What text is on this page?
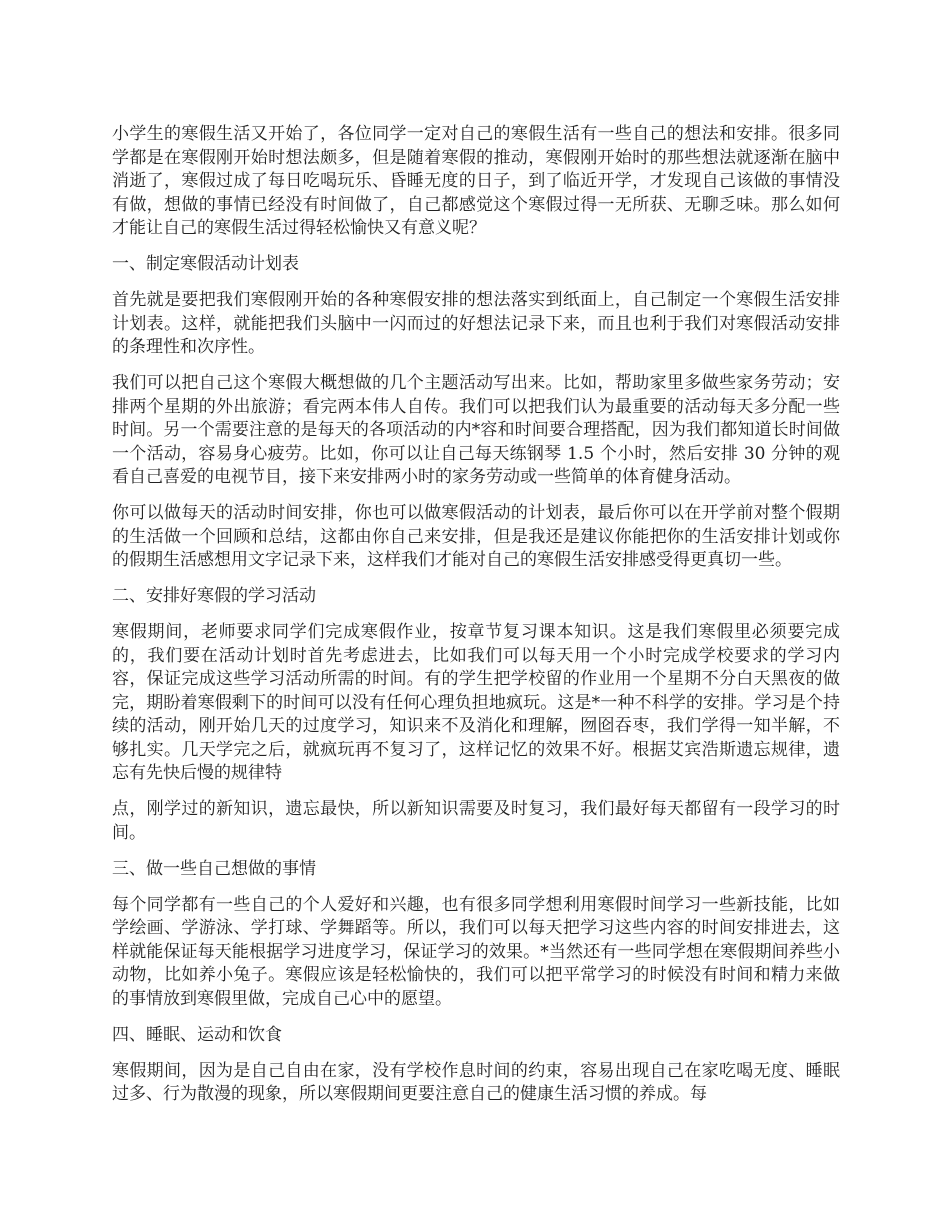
小学生的寒假生活又开始了，各位同学一定对自己的寒假生活有一些自己的想法和安排。很多同学都是在寒假刚开始时想法颇多，但是随着寒假的推动，寒假刚开始时的那些想法就逐渐在脑中消逝了，寒假过成了每日吃喝玩乐、昏睡无度的日子，到了临近开学，才发现自己该做的事情没有做，想做的事情已经没有时间做了，自己都感觉这个寒假过得一无所获、无聊乏味。那么如何才能让自己的寒假生活过得轻松愉快又有意义呢？

一、制定寒假活动计划表

首先就是要把我们寒假刚开始的各种寒假安排的想法落实到纸面上，自己制定一个寒假生活安排计划表。这样，就能把我们头脑中一闪而过的好想法记录下来，而且也利于我们对寒假活动安排的条理性和次序性。

我们可以把自己这个寒假大概想做的几个主题活动写出来。比如，帮助家里多做些家务劳动；安排两个星期的外出旅游；看完两本伟人自传。我们可以把我们认为最重要的活动每天多分配一些时间。另一个需要注意的是每天的各项活动的内*容和时间要合理搭配，因为我们都知道长时间做一个活动，容易身心疲劳。比如，你可以让自己每天练钢琴 1.5 个小时，然后安排 30 分钟的观看自己喜爱的电视节目，接下来安排两小时的家务劳动或一些简单的体育健身活动。

你可以做每天的活动时间安排，你也可以做寒假活动的计划表，最后你可以在开学前对整个假期的生活做一个回顾和总结，这都由你自己来安排，但是我还是建议你能把你的生活安排计划或你的假期生活感想用文字记录下来，这样我们才能对自己的寒假生活安排感受得更真切一些。

二、安排好寒假的学习活动

寒假期间，老师要求同学们完成寒假作业，按章节复习课本知识。这是我们寒假里必须要完成的，我们要在活动计划时首先考虑进去，比如我们可以每天用一个小时完成学校要求的学习内容，保证完成这些学习活动所需的时间。有的学生把学校留的作业用一个星期不分白天黑夜的做完，期盼着寒假剩下的时间可以没有任何心理负担地疯玩。这是*一种不科学的安排。学习是个持续的活动，刚开始几天的过度学习，知识来不及消化和理解，囫囵吞枣，我们学得一知半解，不够扎实。几天学完之后，就疯玩再不复习了，这样记忆的效果不好。根据艾宾浩斯遗忘规律，遗忘有先快后慢的规律特

点，刚学过的新知识，遗忘最快，所以新知识需要及时复习，我们最好每天都留有一段学习的时间。

三、做一些自己想做的事情

每个同学都有一些自己的个人爱好和兴趣，也有很多同学想利用寒假时间学习一些新技能，比如学绘画、学游泳、学打球、学舞蹈等。所以，我们可以每天把学习这些内容的时间安排进去，这样就能保证每天能根据学习进度学习，保证学习的效果。*当然还有一些同学想在寒假期间养些小动物，比如养小兔子。寒假应该是轻松愉快的，我们可以把平常学习的时候没有时间和精力来做的事情放到寒假里做，完成自己心中的愿望。

四、睡眠、运动和饮食

寒假期间，因为是自己自由在家，没有学校作息时间的约束，容易出现自己在家吃喝无度、睡眠过多、行为散漫的现象，所以寒假期间更要注意自己的健康生活习惯的养成。每
